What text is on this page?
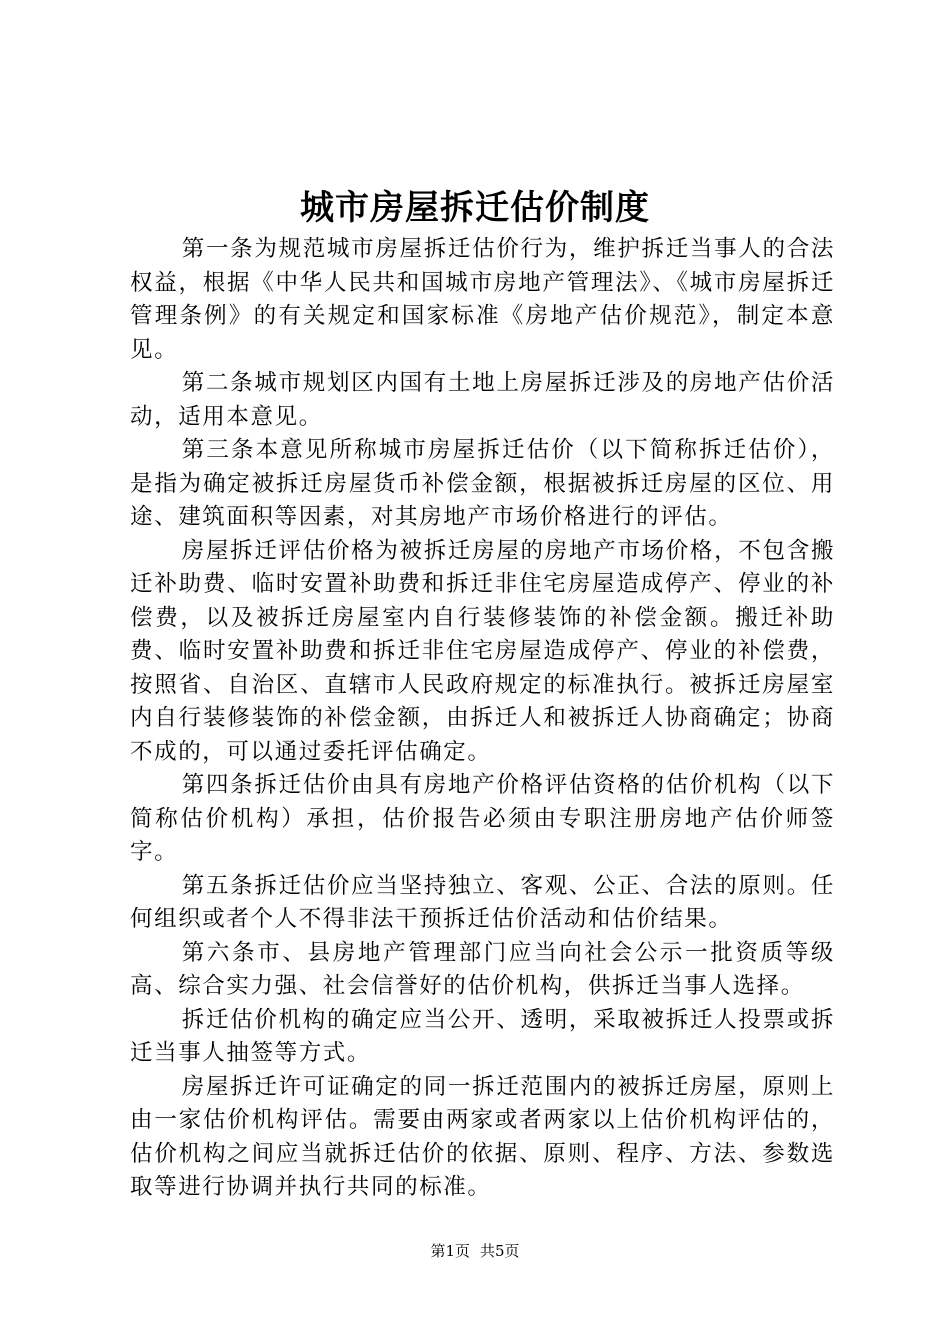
城市房屋拆迁估价制度

第一条为规范城市房屋拆迁估价行为，维护拆迁当事人的合法权益，根据《中华人民共和国城市房地产管理法》、《城市房屋拆迁管理条例》的有关规定和国家标准《房地产估价规范》，制定本意见。

第二条城市规划区内国有土地上房屋拆迁涉及的房地产估价活动，适用本意见。

第三条本意见所称城市房屋拆迁估价（以下简称拆迁估价），是指为确定被拆迁房屋货币补偿金额，根据被拆迁房屋的区位、用途、建筑面积等因素，对其房地产市场价格进行的评估。

房屋拆迁评估价格为被拆迁房屋的房地产市场价格，不包含搬迁补助费、临时安置补助费和拆迁非住宅房屋造成停产、停业的补偿费，以及被拆迁房屋室内自行装修装饰的补偿金额。搬迁补助费、临时安置补助费和拆迁非住宅房屋造成停产、停业的补偿费，按照省、自治区、直辖市人民政府规定的标准执行。被拆迁房屋室内自行装修装饰的补偿金额，由拆迁人和被拆迁人协商确定；协商不成的，可以通过委托评估确定。

第四条拆迁估价由具有房地产价格评估资格的估价机构（以下简称估价机构）承担，估价报告必须由专职注册房地产估价师签字。

第五条拆迁估价应当坚持独立、客观、公正、合法的原则。任何组织或者个人不得非法干预拆迁估价活动和估价结果。

第六条市、县房地产管理部门应当向社会公示一批资质等级高、综合实力强、社会信誉好的估价机构，供拆迁当事人选择。

拆迁估价机构的确定应当公开、透明，采取被拆迁人投票或拆迁当事人抽签等方式。

房屋拆迁许可证确定的同一拆迁范围内的被拆迁房屋，原则上由一家估价机构评估。需要由两家或者两家以上估价机构评估的，估价机构之间应当就拆迁估价的依据、原则、程序、方法、参数选取等进行协调并执行共同的标准。

第1页 共5页
